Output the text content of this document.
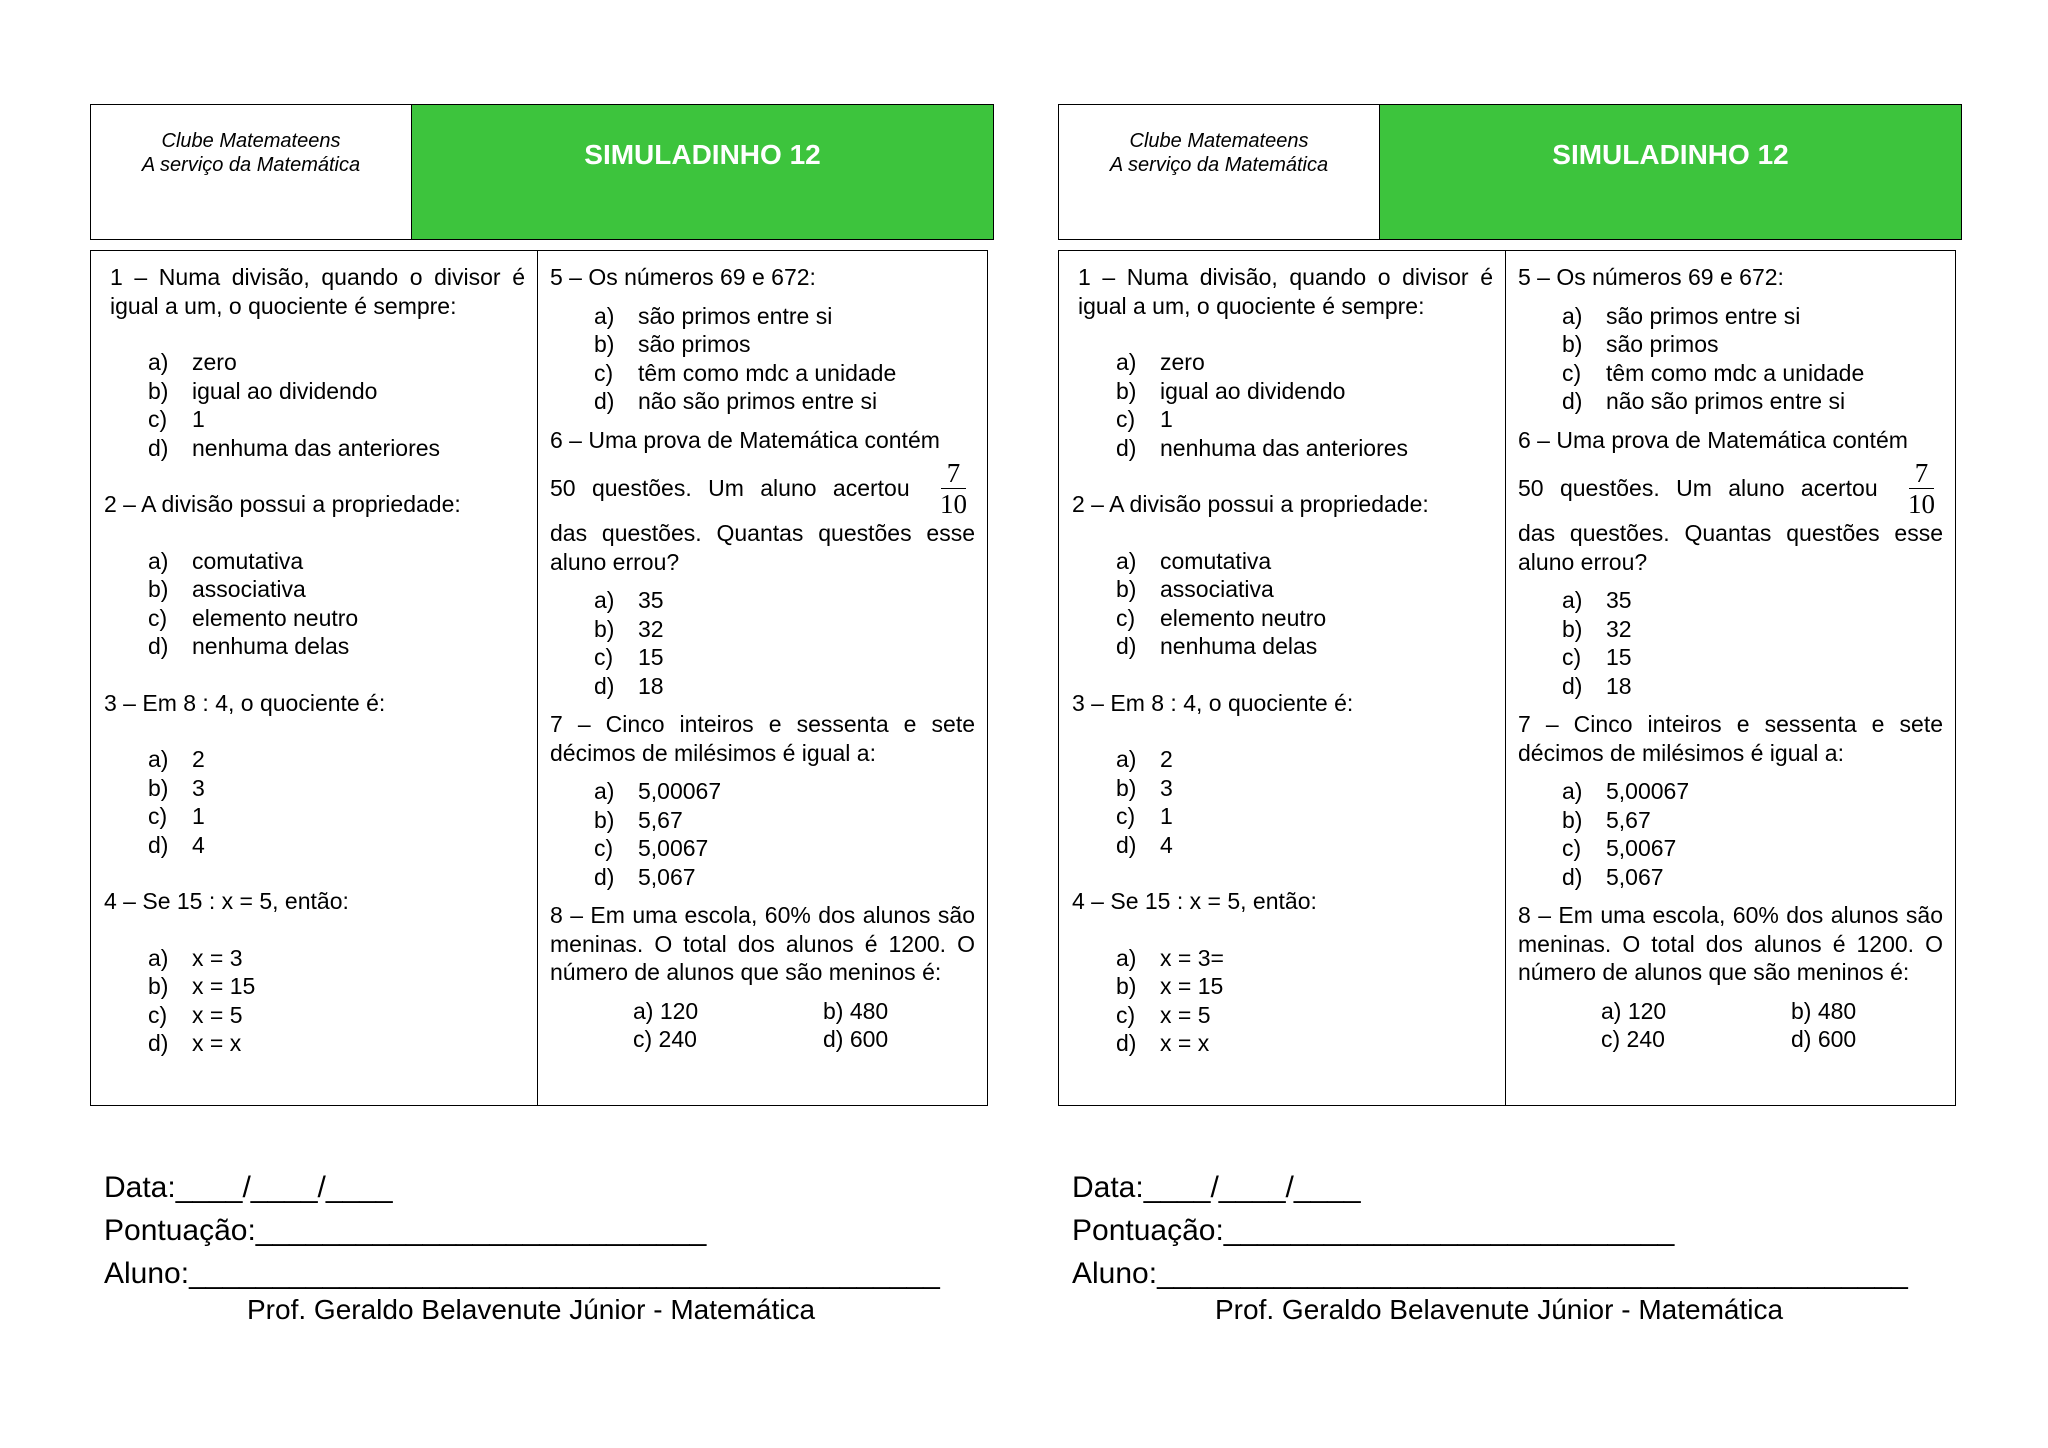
Clube Matemateens
A serviço da Matemática	SIMULADINHO 12

1 – Numa divisão, quando o divisor é igual a um, o quociente é sempre:

a)	zero
b)	igual ao dividendo
c)	1
d)	nenhuma das anteriores

2 – A divisão possui a propriedade:

a)	comutativa
b)	associativa
c)	elemento neutro
d)	nenhuma delas

3 – Em 8 : 4, o quociente é:

a)	2
b)	3
c)	1
d)	4

4 – Se 15 : x = 5, então:

a)	x = 3
b)	x = 15
c)	x = 5
d)	x = x

5 – Os números 69 e 672:

a)	são primos entre si
b)	são primos
c)	têm como mdc a unidade
d)	não são primos entre si

6 – Uma prova de Matemática contém

50 questões. Um aluno acertou $\frac{7}{10}$

das questões. Quantas questões esse aluno errou?

a)	35
b)	32
c)	15
d)	18

7 – Cinco inteiros e sessenta e sete décimos de milésimos é igual a:

a)	5,00067
b)	5,67
c)	5,0067
d)	5,067

8 – Em uma escola, 60% dos alunos são meninas. O total dos alunos é 1200. O número de alunos que são meninos é:

a) 120	b) 480
c) 240	d) 600
Data:____/____/____ Pontuação:___________________________
Aluno:_____________________________________________
Prof. Geraldo Belavenute Júnior - Matemática
Clube Matemateens
A serviço da Matemática	SIMULADINHO 12

1 – Numa divisão, quando o divisor é igual a um, o quociente é sempre:

a)	zero
b)	igual ao dividendo
c)	1
d)	nenhuma das anteriores

2 – A divisão possui a propriedade:

a)	comutativa
b)	associativa
c)	elemento neutro
d)	nenhuma delas

3 – Em 8 : 4, o quociente é:

a)	2
b)	3
c)	1
d)	4

4 – Se 15 : x = 5, então:

a)	x = 3=
b)	x = 15
c)	x = 5
d)	x = x

5 – Os números 69 e 672:

a)	são primos entre si
b)	são primos
c)	têm como mdc a unidade
d)	não são primos entre si

6 – Uma prova de Matemática contém

50 questões. Um aluno acertou $\frac{7}{10}$

das questões. Quantas questões esse aluno errou?

a)	35
b)	32
c)	15
d)	18

7 – Cinco inteiros e sessenta e sete décimos de milésimos é igual a:

a)	5,00067
b)	5,67
c)	5,0067
d)	5,067

8 – Em uma escola, 60% dos alunos são meninas. O total dos alunos é 1200. O número de alunos que são meninos é:

a) 120	b) 480
c) 240	d) 600
Data:____/____/____ Pontuação:___________________________
Aluno:_____________________________________________
Prof. Geraldo Belavenute Júnior - Matemática
